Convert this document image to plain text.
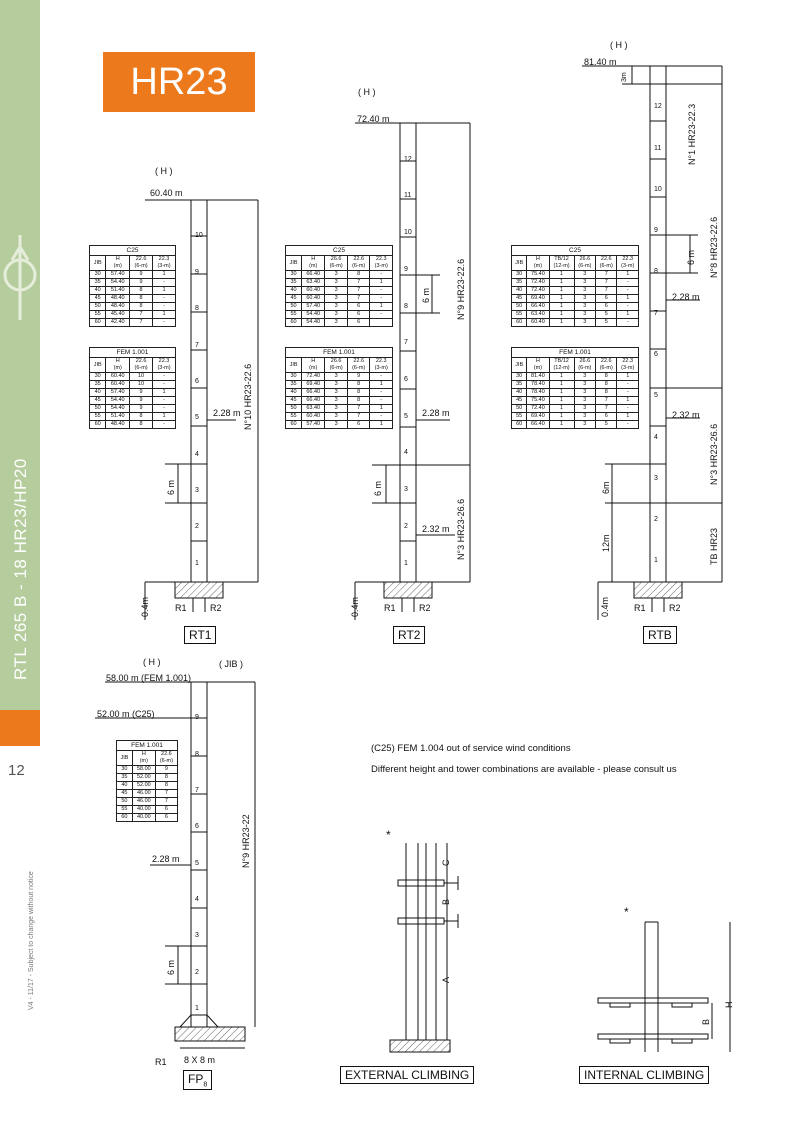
RTL 265 B - 18 HR23/HP20
12
V4 - 11/17 - Subject to change without notice
HR23
( H )
60.40 m
2.28 m N°10 HR23-22.6
6 m
0.4m	R1	R2
RT1
( H )
72.40 m
2.28 m
2.32 m
N°9 HR23-22.6
N°3 HR23-26.6
6 m
6 m
0.4m	R1	R2
RT2
( H )
81.40 m
3m
2.28 m
2.32 m
N°1 HR23-22.3
N°8 HR23-22.6
N°3 HR23-26.6
TB HR23
6 m
6m
12m
0.4m	R1	R2
RTB
( H )	( JIB )
58.00 m (FEM 1.001)
52.00 m (C25)
2.28 m	N°9 HR23-22
6 m
R1 8 X 8 m
$FP_8$
1
2
3
4
5
6
7
8
9
10
1
2
3
4
5
6
7
8
9
10
11
12
1
2
3
4
5
6
7
8
9
10
11
12
1
2
3
4
5
6
7
8
9
C25			
JIB	H
(m)	22.6
(6-m)	22.3
(3-m)
30	57.40	9	1
35	54.40	9	-
40	51.40	8	1
45	48.40	8	-
50	48.40	8	-
55	45.40	7	1
60	42.40	7	-
FEM 1.001			
JIB	H
(m)	22.6
(6-m)	22.3
(3-m)
30	60.40	10	-
35	60.40	10	-
40	57.40	9	1
45	54.40	9	-
50	54.40	9	-
55	51.40	8	1
60	48.40	8	-
C25				
JIB	H
(m)	26.6
(6-m)	22.6
(6-m)	22.3
(3-m)
30	66.40	3	8	-
35	63.40	3	7	1
40	60.40	3	7	-
45	60.40	3	7	-
50	57.40	3	6	1
55	54.40	3	6	-
60	54.40	3	6	
FEM 1.001				
JIB	H
(m)	26.6
(6-m)	22.6
(6-m)	22.3
(3-m)
30	72.40	3	9	-
35	69.40	3	8	1
40	66.40	3	8	-
45	66.40	3	8	-
50	63.40	3	7	1
55	60.40	3	7	-
60	57.40	3	6	1
C25					
JIB	H
(m)	TB/12
(12-m)	26.6
(6-m)	22.6
(6-m)	22.3
(3-m)
30	75.40	1	3	7	1
35	72.40	1	3	7	-
40	72.40	1	3	7	-
45	69.40	1	3	6	1
50	66.40	1	3	6	-
55	63.40	1	3	5	1
60	60.40	1	3	5	-
FEM 1.001					
JIB	H
(m)	TB/12
(12-m)	26.6
(6-m)	22.6
(6-m)	22.3
(3-m)
30	81.40	1	3	8	1
35	78.40	1	3	8	-
40	78.40	1	3	8	-
45	75.40	1	3	7	1
50	72.40	1	3	7	-
55	69.40	1	3	6	1
60	66.40	1	3	5	-
FEM 1.001		
JIB	H
(m)	22.6
(6-m)
30	58.00	9
35	52.00	8
40	52.00	8
45	46.00	7
50	46.00	7
55	40.00	6
60	40.00	6
(C25) FEM 1.004 out of service wind conditions
Different height and tower combinations are available - please consult us
*
C
B
A
EXTERNAL CLIMBING
*
B
H
INTERNAL CLIMBING
